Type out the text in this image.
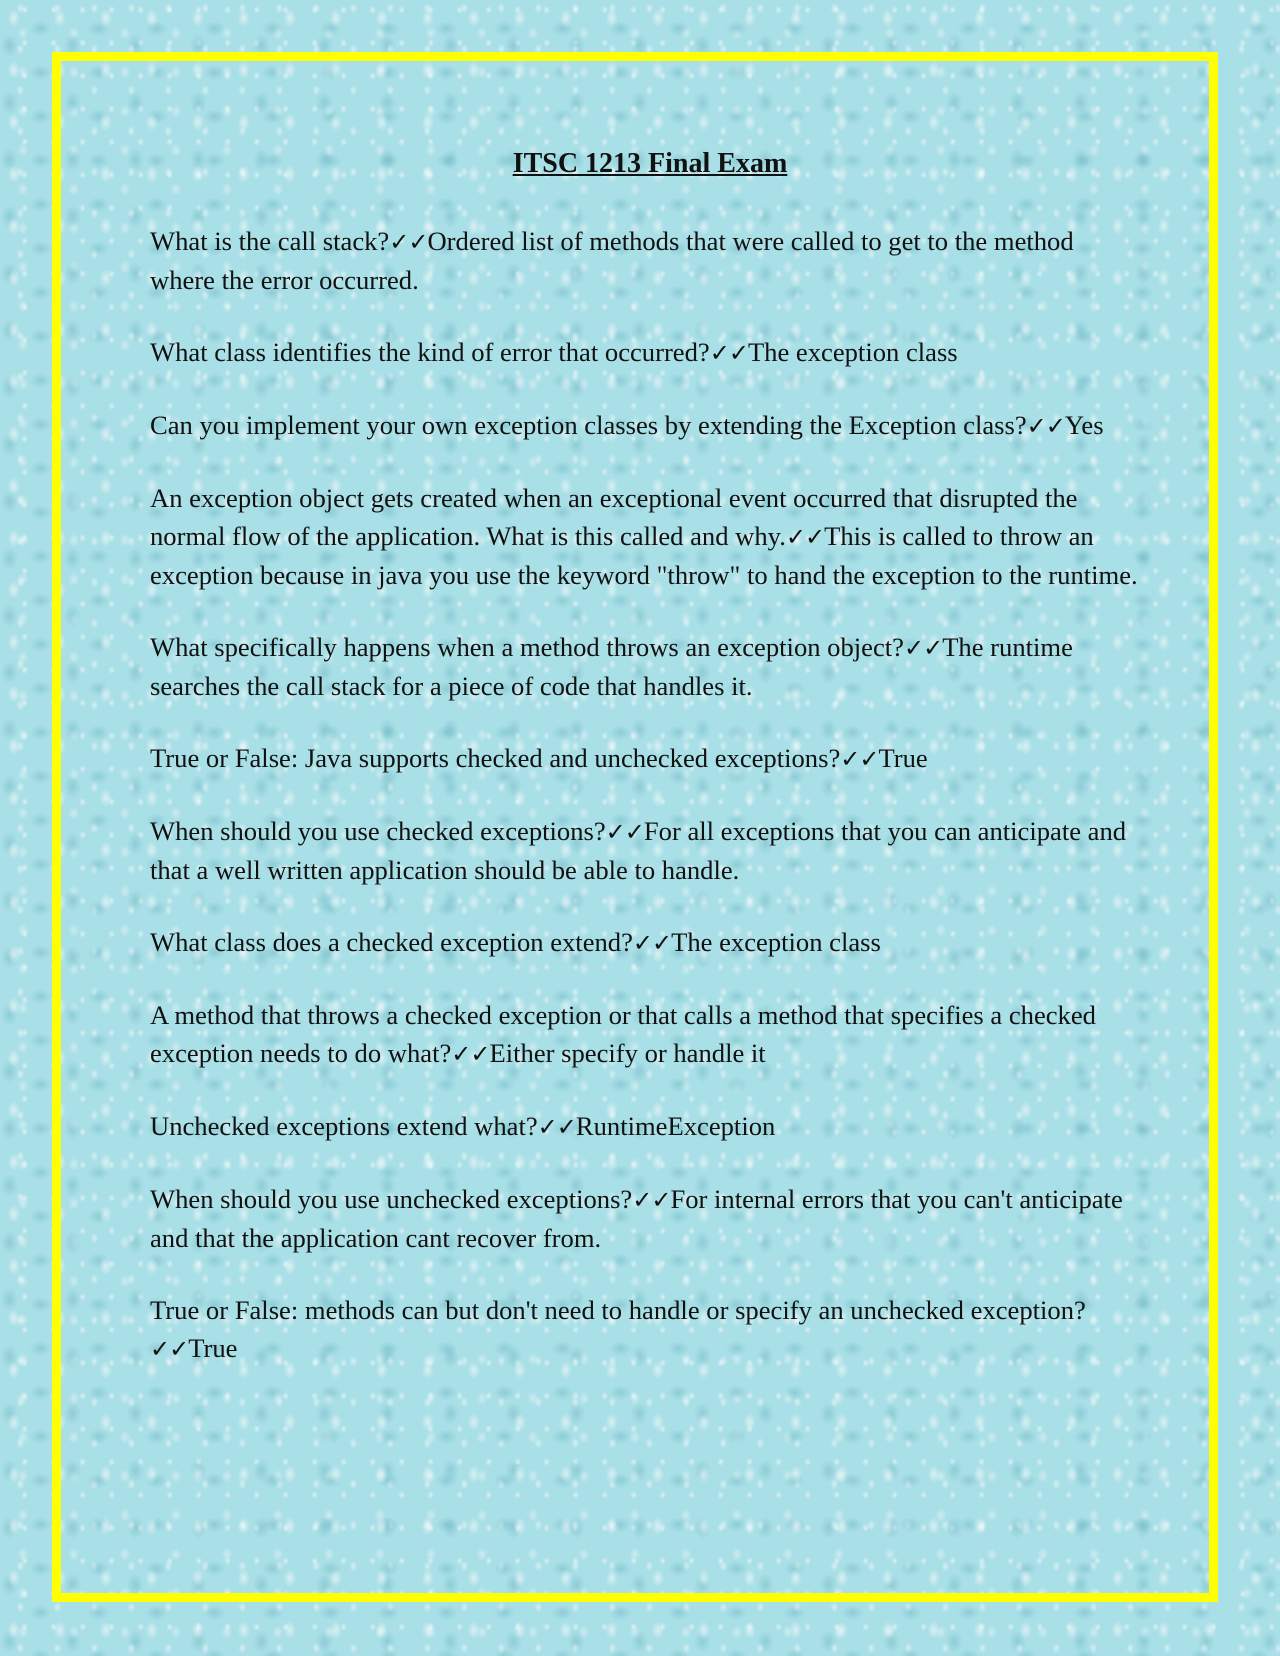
ITSC 1213 Final Exam

What is the call stack?✓✓Ordered list of methods that were called to get to the method where the error occurred.

What class identifies the kind of error that occurred?✓✓The exception class

Can you implement your own exception classes by extending the Exception class?✓✓Yes

An exception object gets created when an exceptional event occurred that disrupted the normal flow of the application. What is this called and why.✓✓This is called to throw an exception because in java you use the keyword "throw" to hand the exception to the runtime.

What specifically happens when a method throws an exception object?✓✓The runtime searches the call stack for a piece of code that handles it.

True or False: Java supports checked and unchecked exceptions?✓✓True

When should you use checked exceptions?✓✓For all exceptions that you can anticipate and that a well written application should be able to handle.

What class does a checked exception extend?✓✓The exception class

A method that throws a checked exception or that calls a method that specifies a checked exception needs to do what?✓✓Either specify or handle it

Unchecked exceptions extend what?✓✓RuntimeException

When should you use unchecked exceptions?✓✓For internal errors that you can't anticipate and that the application cant recover from.

True or False: methods can but don't need to handle or specify an unchecked exception?✓✓True
